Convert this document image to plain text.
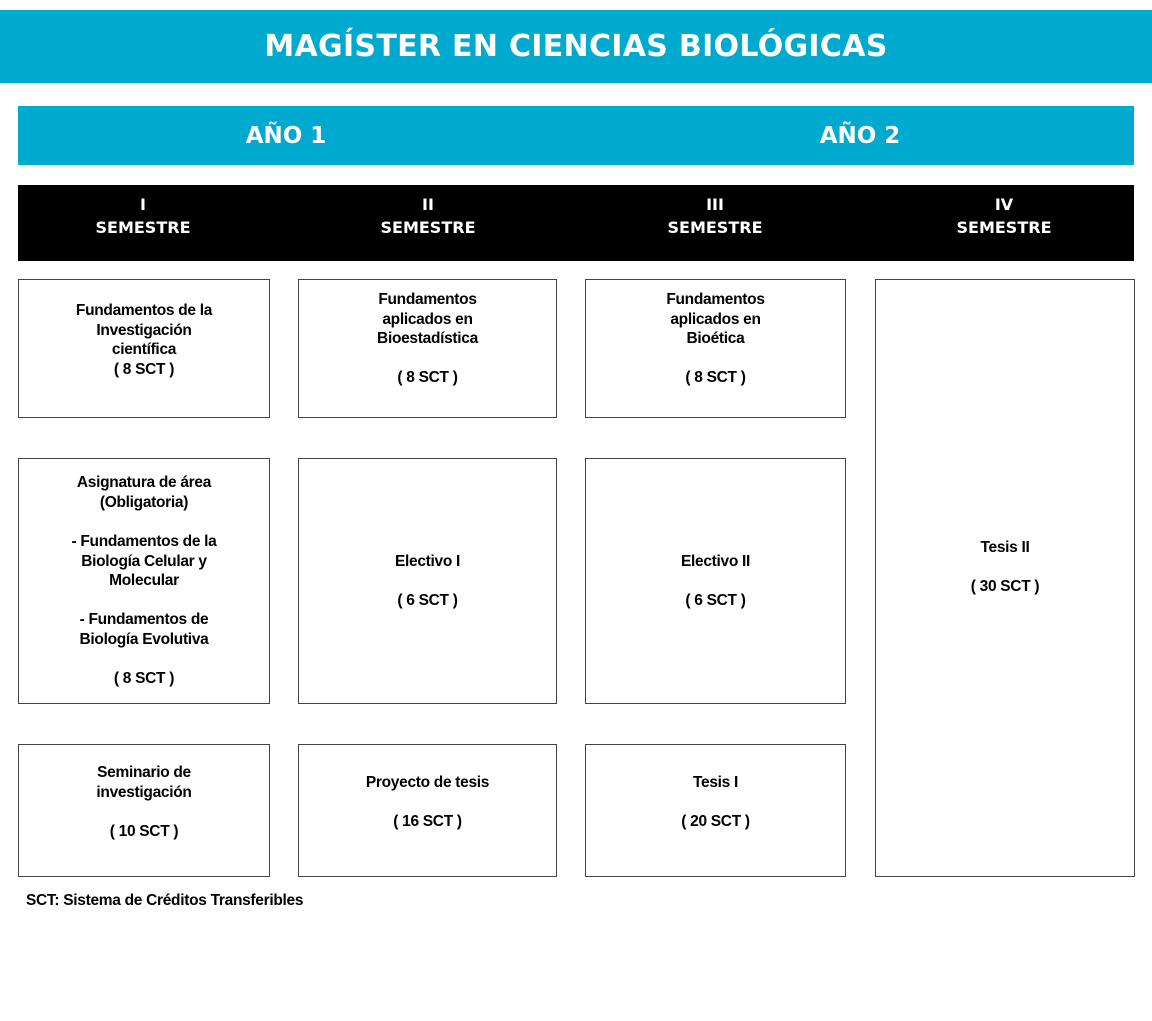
MAGÍSTER EN CIENCIAS BIOLÓGICAS
AÑO 1	AÑO 2
I
SEMESTRE
II
SEMESTRE
III
SEMESTRE
IV
SEMESTRE
Fundamentos de la
Investigación
científica
( 8 SCT )
Asignatura de área
(Obligatoria)

- Fundamentos de la
Biología Celular y
Molecular

- Fundamentos de
Biología Evolutiva
( 8 SCT )
Seminario de
investigación
( 10 SCT )
Fundamentos
aplicados en
Bioestadística
( 8 SCT )
Electivo I
( 6 SCT )
Proyecto de tesis
( 16 SCT )
Fundamentos
aplicados en
Bioética
( 8 SCT )
Electivo II
( 6 SCT )
Tesis I
( 20 SCT )
Tesis II
( 30 SCT )
SCT: Sistema de Créditos Transferibles
